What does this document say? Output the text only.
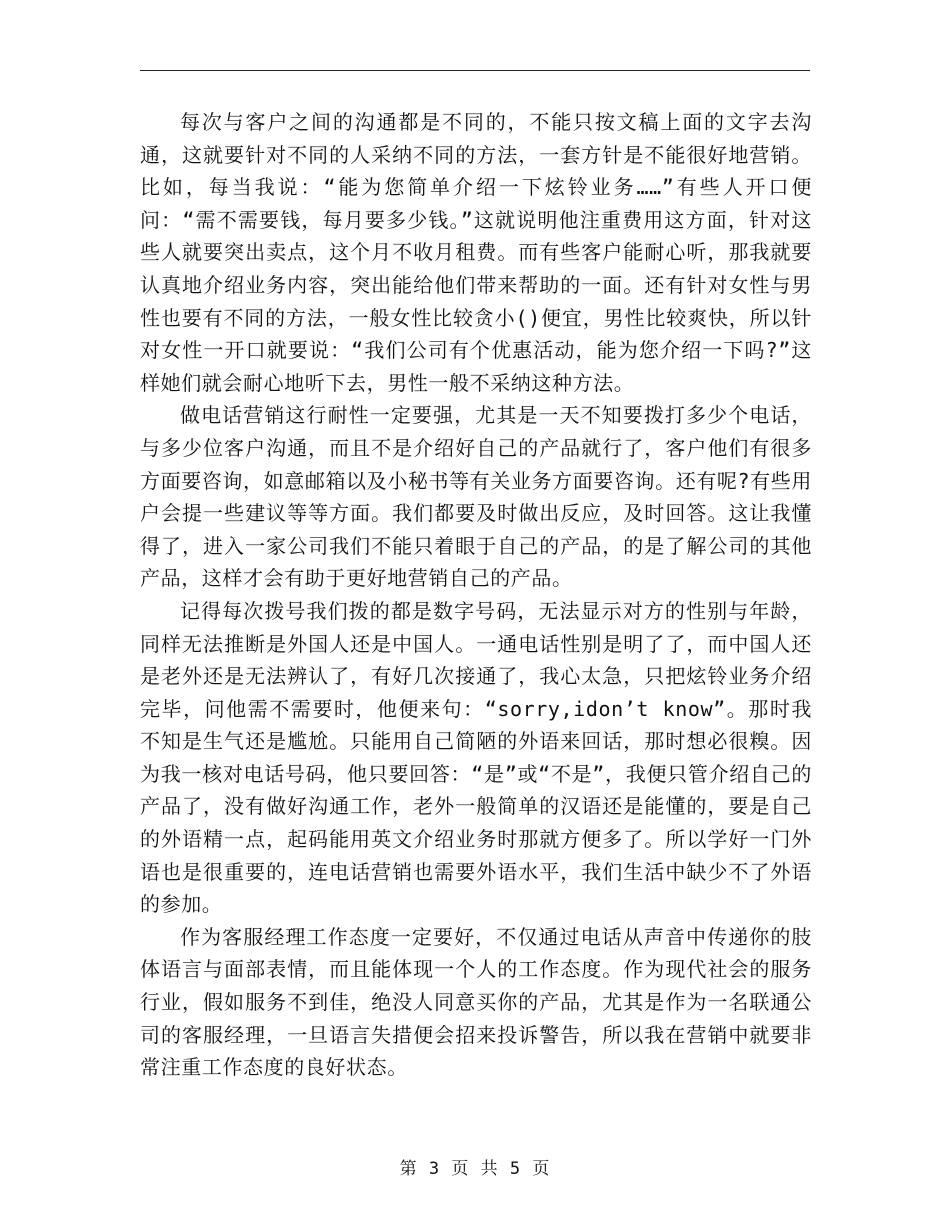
每次与客户之间的沟通都是不同的，不能只按文稿上面的文字去沟通，这就要针对不同的人采纳不同的方法，一套方针是不能很好地营销。比如，每当我说：“能为您简单介绍一下炫铃业务……”有些人开口便问：“需不需要钱，每月要多少钱。”这就说明他注重费用这方面，针对这些人就要突出卖点，这个月不收月租费。而有些客户能耐心听，那我就要认真地介绍业务内容，突出能给他们带来帮助的一面。还有针对女性与男性也要有不同的方法，一般女性比较贪小()便宜，男性比较爽快，所以针对女性一开口就要说：“我们公司有个优惠活动，能为您介绍一下吗?”这样她们就会耐心地听下去，男性一般不采纳这种方法。

做电话营销这行耐性一定要强，尤其是一天不知要拨打多少个电话，与多少位客户沟通，而且不是介绍好自己的产品就行了，客户他们有很多方面要咨询，如意邮箱以及小秘书等有关业务方面要咨询。还有呢?有些用户会提一些建议等等方面。我们都要及时做出反应，及时回答。这让我懂得了，进入一家公司我们不能只着眼于自己的产品，的是了解公司的其他产品，这样才会有助于更好地营销自己的产品。

记得每次拨号我们拨的都是数字号码，无法显示对方的性别与年龄，同样无法推断是外国人还是中国人。一通电话性别是明了了，而中国人还是老外还是无法辨认了，有好几次接通了，我心太急，只把炫铃业务介绍完毕，问他需不需要时，他便来句：“sorry,idon’t know”。那时我不知是生气还是尴尬。只能用自己简陋的外语来回话，那时想必很糗。因为我一核对电话号码，他只要回答：“是”或“不是”，我便只管介绍自己的产品了，没有做好沟通工作，老外一般简单的汉语还是能懂的，要是自己的外语精一点，起码能用英文介绍业务时那就方便多了。所以学好一门外语也是很重要的，连电话营销也需要外语水平，我们生活中缺少不了外语的参加。

作为客服经理工作态度一定要好，不仅通过电话从声音中传递你的肢体语言与面部表情，而且能体现一个人的工作态度。作为现代社会的服务行业，假如服务不到佳，绝没人同意买你的产品，尤其是作为一名联通公司的客服经理，一旦语言失措便会招来投诉警告，所以我在营销中就要非常注重工作态度的良好状态。

第 3 页 共 5 页
